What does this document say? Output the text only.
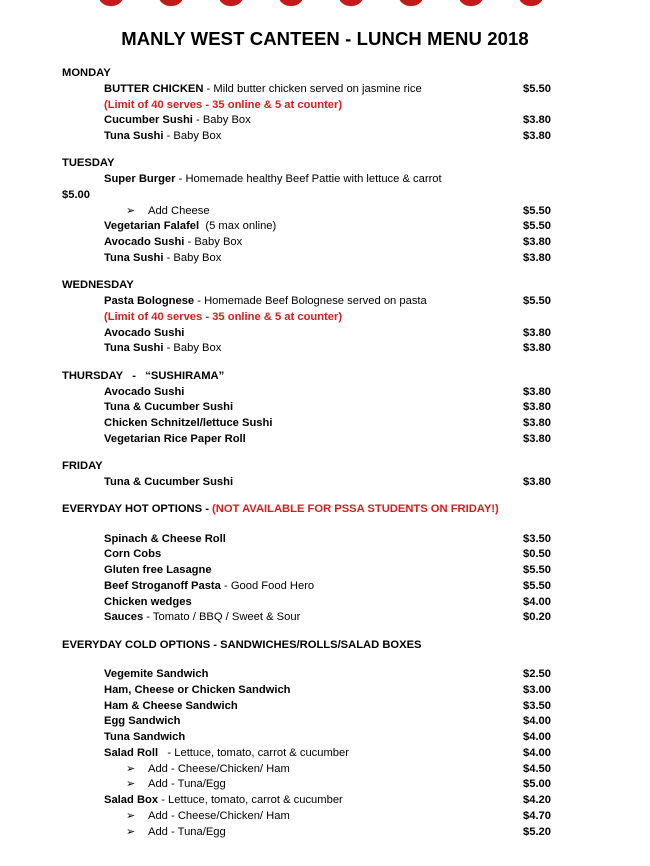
MANLY WEST CANTEEN - LUNCH MENU 2018
MONDAY
BUTTER CHICKEN - Mild butter chicken served on jasmine rice	$5.50
(Limit of 40 serves - 35 online & 5 at counter)
Cucumber Sushi - Baby Box	$3.80
Tuna Sushi - Baby Box	$3.80
TUESDAY
Super Burger - Homemade healthy Beef Pattie with lettuce & carrot
$5.00
➢ Add Cheese	$5.50
Vegetarian Falafel  (5 max online)	$5.50
Avocado Sushi - Baby Box	$3.80
Tuna Sushi - Baby Box	$3.80
WEDNESDAY
Pasta Bolognese - Homemade Beef Bolognese served on pasta	$5.50
(Limit of 40 serves - 35 online & 5 at counter)
Avocado Sushi	$3.80
Tuna Sushi - Baby Box	$3.80
THURSDAY   -   “SUSHIRAMA”
Avocado Sushi	$3.80
Tuna & Cucumber Sushi	$3.80
Chicken Schnitzel/lettuce Sushi	$3.80
Vegetarian Rice Paper Roll	$3.80
FRIDAY
Tuna & Cucumber Sushi	$3.80
EVERYDAY HOT OPTIONS - (NOT AVAILABLE FOR PSSA STUDENTS ON FRIDAY!)
Spinach & Cheese Roll	$3.50
Corn Cobs	$0.50
Gluten free Lasagne	$5.50
Beef Stroganoff Pasta - Good Food Hero	$5.50
Chicken wedges	$4.00
Sauces - Tomato / BBQ / Sweet & Sour	$0.20
EVERYDAY COLD OPTIONS - SANDWICHES/ROLLS/SALAD BOXES
Vegemite Sandwich	$2.50
Ham, Cheese or Chicken Sandwich	$3.00
Ham & Cheese Sandwich	$3.50
Egg Sandwich	$4.00
Tuna Sandwich	$4.00
Salad Roll   - Lettuce, tomato, carrot & cucumber	$4.00
➢ Add - Cheese/Chicken/ Ham	$4.50
➢ Add - Tuna/Egg	$5.00
Salad Box - Lettuce, tomato, carrot & cucumber	$4.20
➢ Add - Cheese/Chicken/ Ham	$4.70
➢ Add - Tuna/Egg	$5.20
